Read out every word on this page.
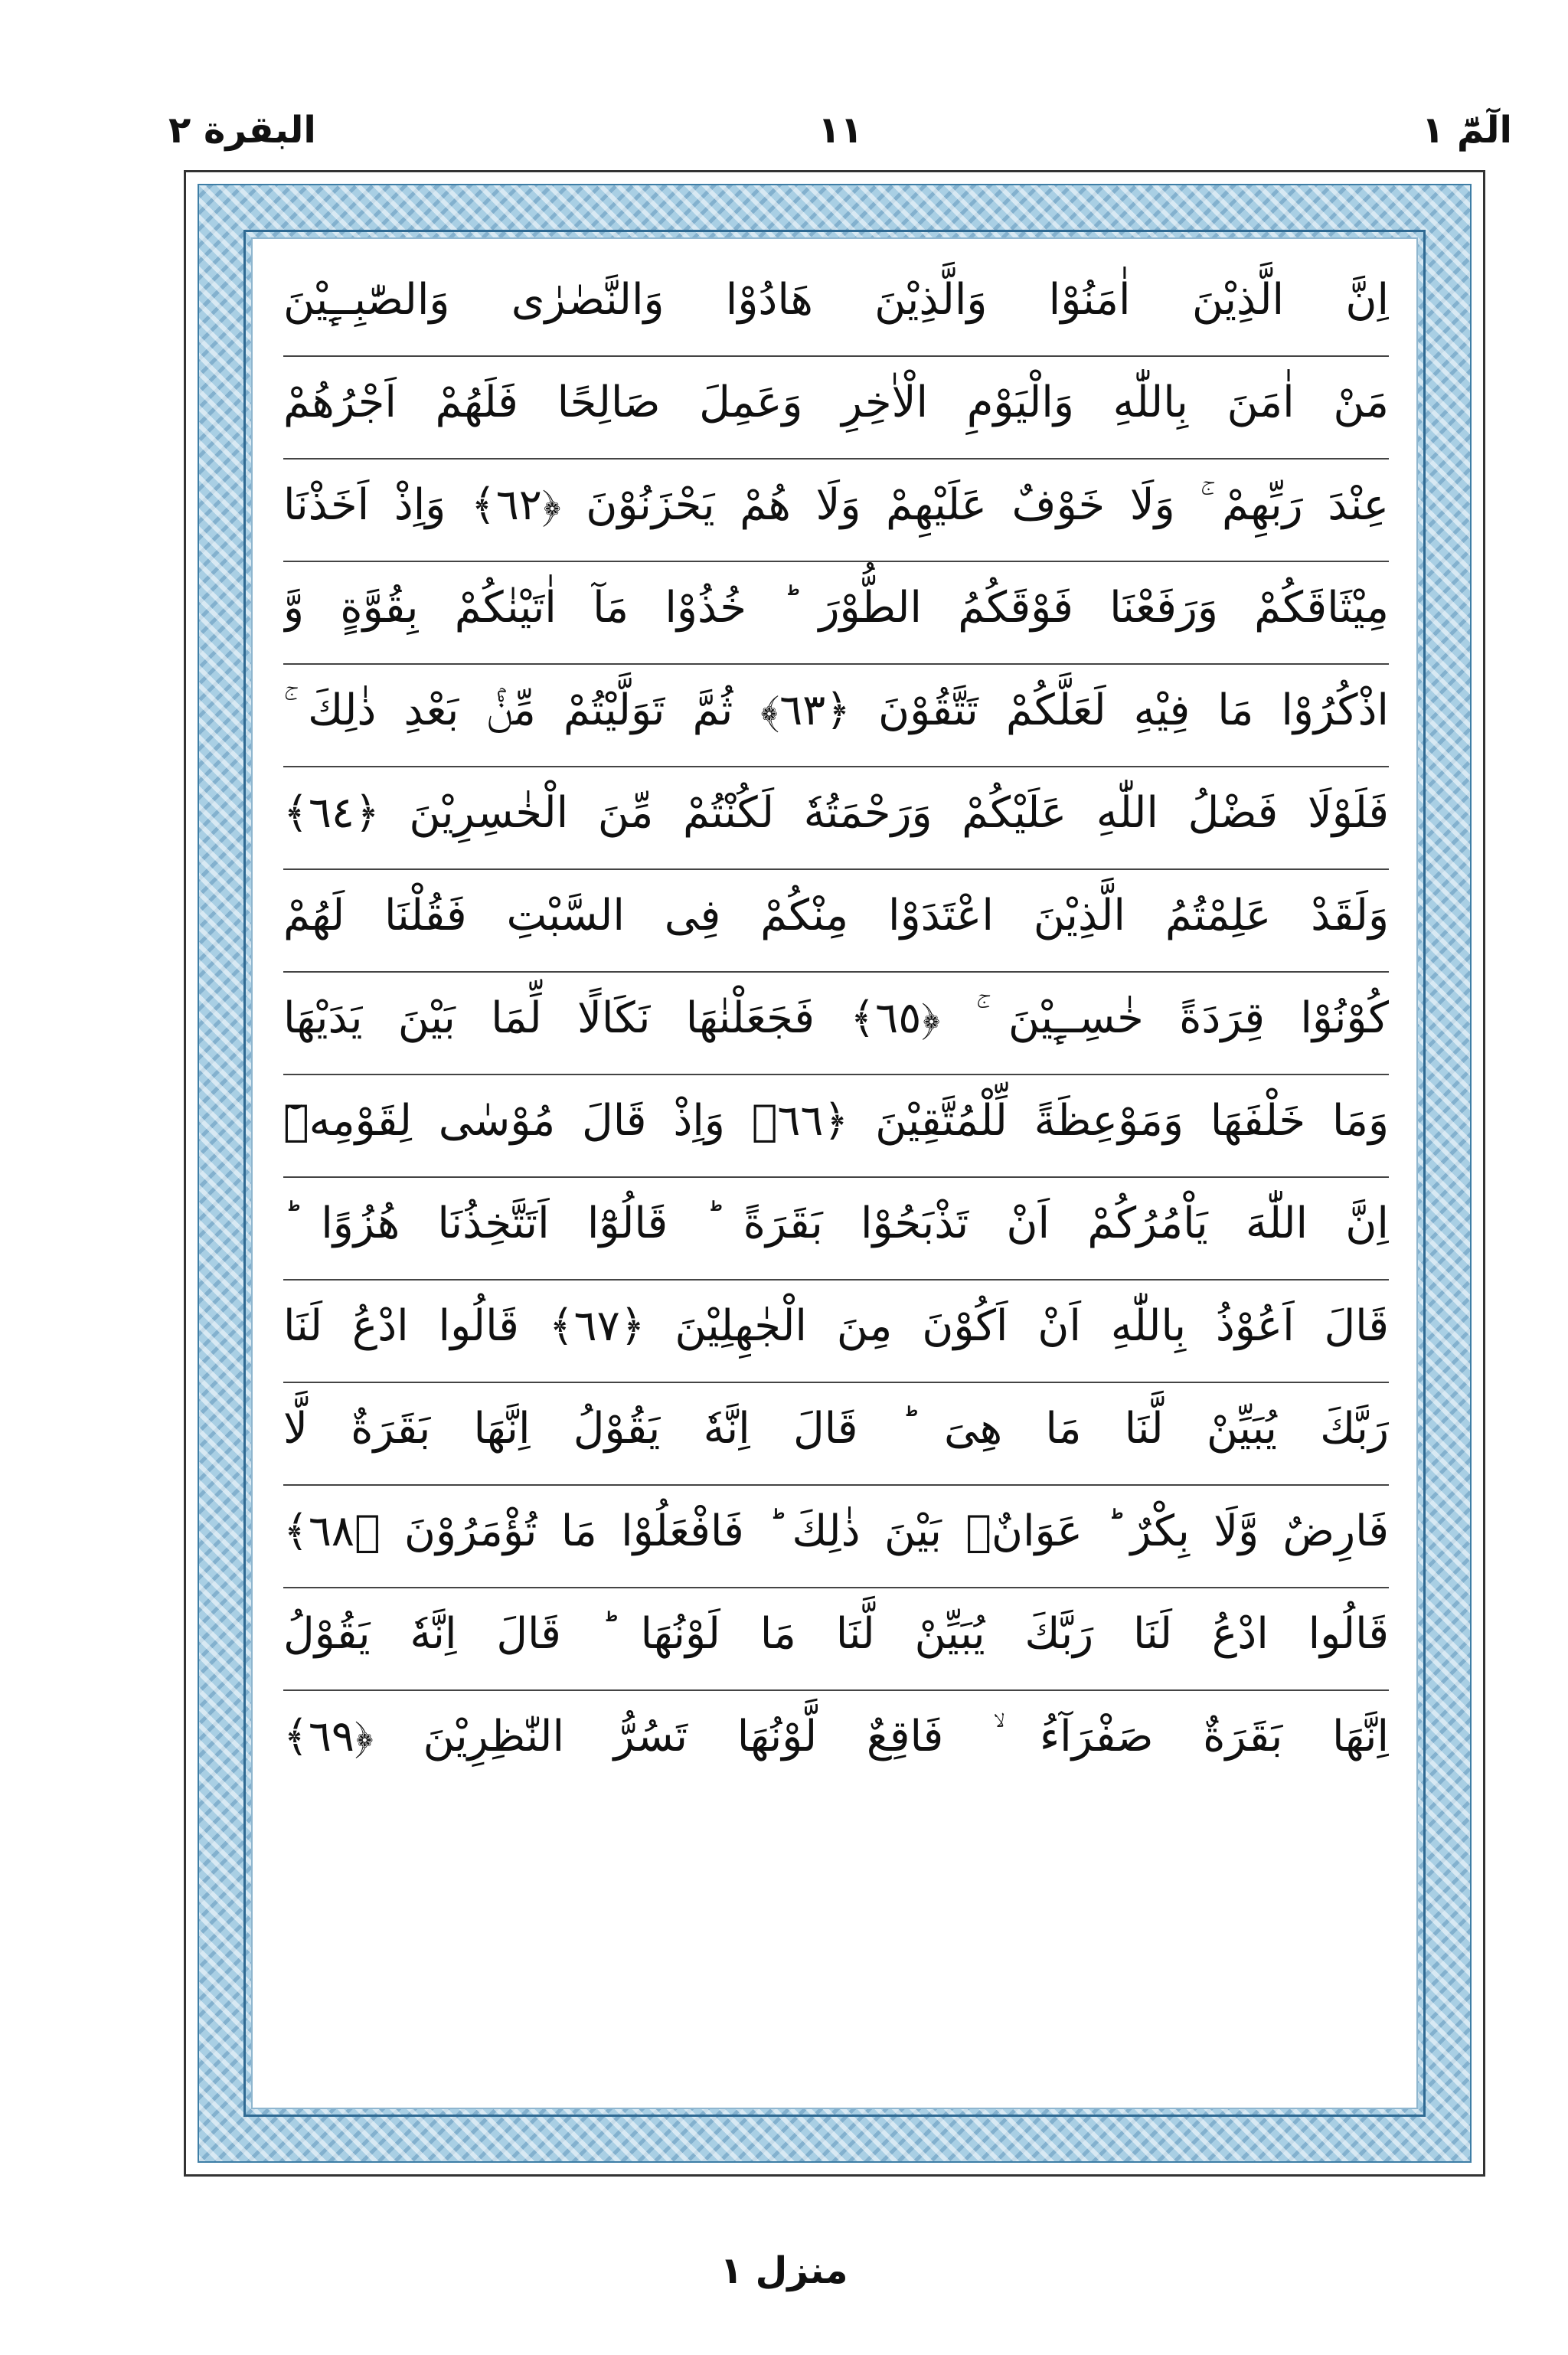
الٓمّٓ ١
١١
البقرة ٢
اِنَّ الَّذِيْنَ اٰمَنُوْا وَالَّذِيْنَ هَادُوْا وَالنَّصٰرٰى وَالصّٰبِــِٕيْنَ
مَنْ اٰمَنَ بِاللّٰهِ وَالْيَوْمِ الْاٰخِرِ وَعَمِلَ صَالِحًا فَلَهُمْ اَجْرُهُمْ
عِنْدَ رَبِّهِمْ ۚ وَلَا خَوْفٌ عَلَيْهِمْ وَلَا هُمْ يَحْزَنُوْنَ ﴿٦٢﴾ وَاِذْ اَخَذْنَا
مِيْثَاقَكُمْ وَرَفَعْنَا فَوْقَكُمُ الطُّوْرَ ؕ خُذُوْا مَآ اٰتَيْنٰكُمْ بِقُوَّةٍ وَّ
اذْكُرُوْا مَا فِيْهِ لَعَلَّكُمْ تَتَّقُوْنَ ﴿٦٣﴾ ثُمَّ تَوَلَّيْتُمْ مِّنْۢ بَعْدِ ذٰلِكَ ۚ
فَلَوْلَا فَضْلُ اللّٰهِ عَلَيْكُمْ وَرَحْمَتُهٗ لَكُنْتُمْ مِّنَ الْخٰسِرِيْنَ ﴿٦٤﴾
وَلَقَدْ عَلِمْتُمُ الَّذِيْنَ اعْتَدَوْا مِنْكُمْ فِى السَّبْتِ فَقُلْنَا لَهُمْ
كُوْنُوْا قِرَدَةً خٰسِــِٕيْنَ ۚ ﴿٦٥﴾ فَجَعَلْنٰهَا نَكَالًا لِّمَا بَيْنَ يَدَيْهَا
وَمَا خَلْفَهَا وَمَوْعِظَةً لِّلْمُتَّقِيْنَ ﴿٦٦﴾ وَاِذْ قَالَ مُوْسٰى لِقَوْمِهٖٓ
اِنَّ اللّٰهَ يَاْمُرُكُمْ اَنْ تَذْبَحُوْا بَقَرَةً ؕ قَالُوْٓا اَتَتَّخِذُنَا هُزُوًا ؕ
قَالَ اَعُوْذُ بِاللّٰهِ اَنْ اَكُوْنَ مِنَ الْجٰهِلِيْنَ ﴿٦٧﴾ قَالُوا ادْعُ لَنَا
رَبَّكَ يُبَيِّنْ لَّنَا مَا هِىَ ؕ قَالَ اِنَّهٗ يَقُوْلُ اِنَّهَا بَقَرَةٌ لَّا
فَارِضٌ وَّلَا بِكْرٌ ؕ عَوَانٌۢ بَيْنَ ذٰلِكَ ؕ فَافْعَلُوْا مَا تُؤْمَرُوْنَ ﴿٦٨﴾
قَالُوا ادْعُ لَنَا رَبَّكَ يُبَيِّنْ لَّنَا مَا لَوْنُهَا ؕ قَالَ اِنَّهٗ يَقُوْلُ
اِنَّهَا بَقَرَةٌ صَفْرَآءُ ۙ فَاقِعٌ لَّوْنُهَا تَسُرُّ النّٰظِرِيْنَ ﴿٦٩﴾
منزل ١
